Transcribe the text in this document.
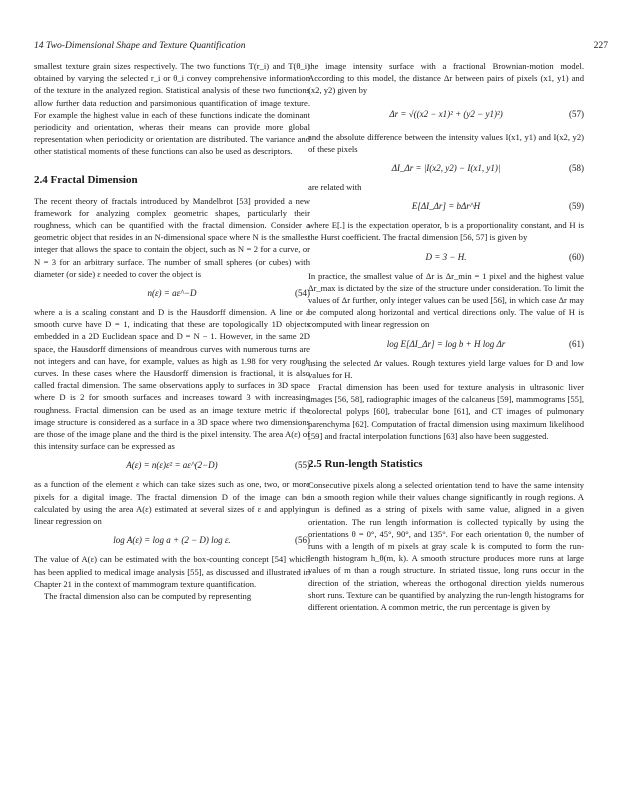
14 Two-Dimensional Shape and Texture Quantification	227

smallest texture grain sizes respectively. The two functions T(r_i) and T(θ_i) obtained by varying the selected r_i or θ_i convey comprehensive information of the texture in the analyzed region. Statistical analysis of these two functions allow further data reduction and parsimonious quantification of image texture. For example the highest value in each of these functions indicate the dominant periodicity and orientation, wheras their means can provide more global representation when periodicity or orientation are distributed. The variance and other statistical moments of these functions can also be used as descriptors.

2.4 Fractal Dimension

The recent theory of fractals introduced by Mandelbrot [53] provided a new framework for analyzing complex geometric shapes, particularly their roughness, which can be quantified with the fractal dimension. Consider a geometric object that resides in an N-dimensional space where N is the smallest integer that allows the space to contain the object, such as N = 2 for a curve, or N = 3 for an arbitrary surface. The number of small spheres (or cubes) with diameter (or side) ε needed to cover the object is

n(ε) = aε^−D	(54)

where a is a scaling constant and D is the Hausdorff dimension. A line or a smooth curve have D = 1, indicating that these are topologically 1D objects embedded in a 2D Euclidean space and D = N − 1. However, in the same 2D space, the Hausdorff dimensions of meandrous curves with numerous turns are not integers and can have, for example, values as high as 1.98 for very rough curves. In these cases where the Hausdorff dimension is fractional, it is also called fractal dimension. The same observations apply to surfaces in 3D space where D is 2 for smooth surfaces and increases toward 3 with increasing roughness. Fractal dimension can be used as an image texture metric if the image structure is considered as a surface in a 3D space where two dimensions are those of the image plane and the third is the pixel intensity. The area A(ε) of this intensity surface can be expressed as

A(ε) = n(ε)ε² = aε^(2−D)	(55)

as a function of the element ε which can take sizes such as one, two, or more pixels for a digital image. The fractal dimension D of the image can be calculated by using the area A(ε) estimated at several sizes of ε and applying linear regression on

log A(ε) = log a + (2 − D) log ε.	(56)

The value of A(ε) can be estimated with the box-counting concept [54] which has been applied to medical image analysis [55], as discussed and illustrated in Chapter 21 in the context of mammogram texture quantification.

The fractal dimension also can be computed by representing

the image intensity surface with a fractional Brownian-motion model. According to this model, the distance Δr between pairs of pixels (x1, y1) and (x2, y2) given by

Δr = √((x2 − x1)² + (y2 − y1)²)	(57)

and the absolute difference between the intensity values I(x1, y1) and I(x2, y2) of these pixels

ΔI_Δr = |I(x2, y2) − I(x1, y1)|	(58)

are related with

E[ΔI_Δr] = bΔr^H	(59)

where E[.] is the expectation operator, b is a proportionality constant, and H is the Hurst coefficient. The fractal dimension [56, 57] is given by

D = 3 − H.	(60)

In practice, the smallest value of Δr is Δr_min = 1 pixel and the highest value Δr_max is dictated by the size of the structure under consideration. To limit the values of Δr further, only integer values can be used [56], in which case Δr may be computed along horizontal and vertical directions only. The value of H is computed with linear regression on

log E[ΔI_Δr] = log b + H log Δr	(61)

using the selected Δr values. Rough textures yield large values for D and low values for H.

Fractal dimension has been used for texture analysis in ultrasonic liver images [56, 58], radiographic images of the calcaneus [59], mammograms [55], colorectal polyps [60], trabecular bone [61], and CT images of pulmonary parenchyma [62]. Computation of fractal dimension using maximum likelihood [59] and fractal interpolation functions [63] also have been suggested.

2.5 Run-length Statistics

Consecutive pixels along a selected orientation tend to have the same intensity in a smooth region while their values change significantly in rough regions. A run is defined as a string of pixels with same value, aligned in a given orientation. The run length information is collected typically by using the orientations θ = 0°, 45°, 90°, and 135°. For each orientation θ, the number of runs with a length of m pixels at gray scale k is computed to form the run-length histogram h_θ(m, k). A smooth structure produces more runs at large values of m than a rough structure. In striated tissue, long runs occur in the direction of the striation, whereas the orthogonal direction yields numerous short runs. Texture can be quantified by analyzing the run-length histograms for different orientation. A common metric, the run percentage is given by
